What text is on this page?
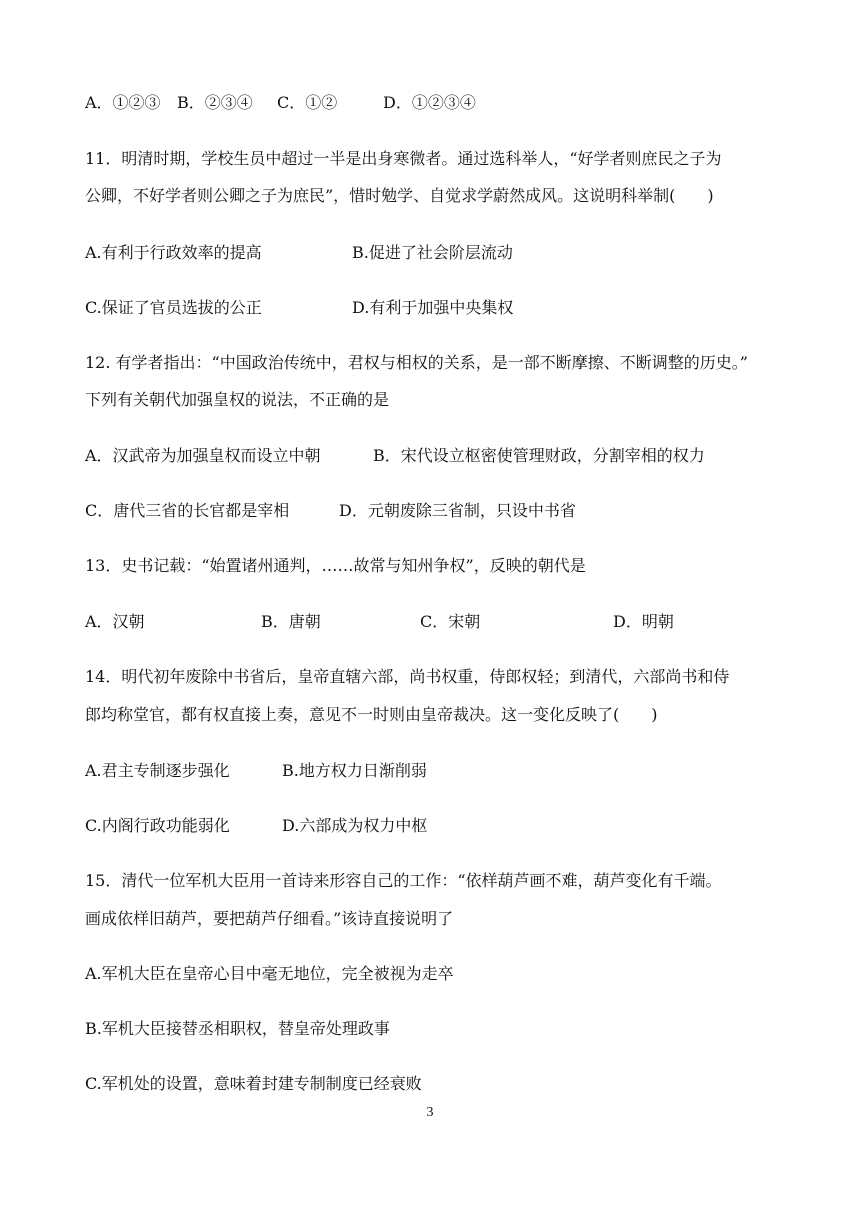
A．①②③ B．②③④ C．①②	D．①②③④
11．明清时期，学校生员中超过一半是出身寒微者。通过选科举人，“好学者则庶民之子为
公卿，不好学者则公卿之子为庶民”，惜时勉学、自觉求学蔚然成风。这说明科举制(　　)
A.有利于行政效率的提高	B.促进了社会阶层流动
C.保证了官员选拔的公正	D.有利于加强中央集权
12. 有学者指出：“中国政治传统中，君权与相权的关系，是一部不断摩擦、不断调整的历史。”
下列有关朝代加强皇权的说法，不正确的是
A．汉武帝为加强皇权而设立中朝	B．宋代设立枢密使管理财政，分割宰相的权力
C．唐代三省的长官都是宰相	D．元朝废除三省制，只设中书省
13．史书记载：“始置诸州通判，……故常与知州争权”，反映的朝代是
A．汉朝	B．唐朝	C．宋朝	D．明朝
14．明代初年废除中书省后，皇帝直辖六部，尚书权重，侍郎权轻；到清代，六部尚书和侍
郎均称堂官，都有权直接上奏，意见不一时则由皇帝裁决。这一变化反映了(　　)
A.君主专制逐步强化	B.地方权力日渐削弱
C.内阁行政功能弱化	D.六部成为权力中枢
15．清代一位军机大臣用一首诗来形容自己的工作：“依样葫芦画不难，葫芦变化有千端。
画成依样旧葫芦，要把葫芦仔细看。”该诗直接说明了
A.军机大臣在皇帝心目中毫无地位，完全被视为走卒
B.军机大臣接替丞相职权，替皇帝处理政事
C.军机处的设置，意味着封建专制制度已经衰败
3
